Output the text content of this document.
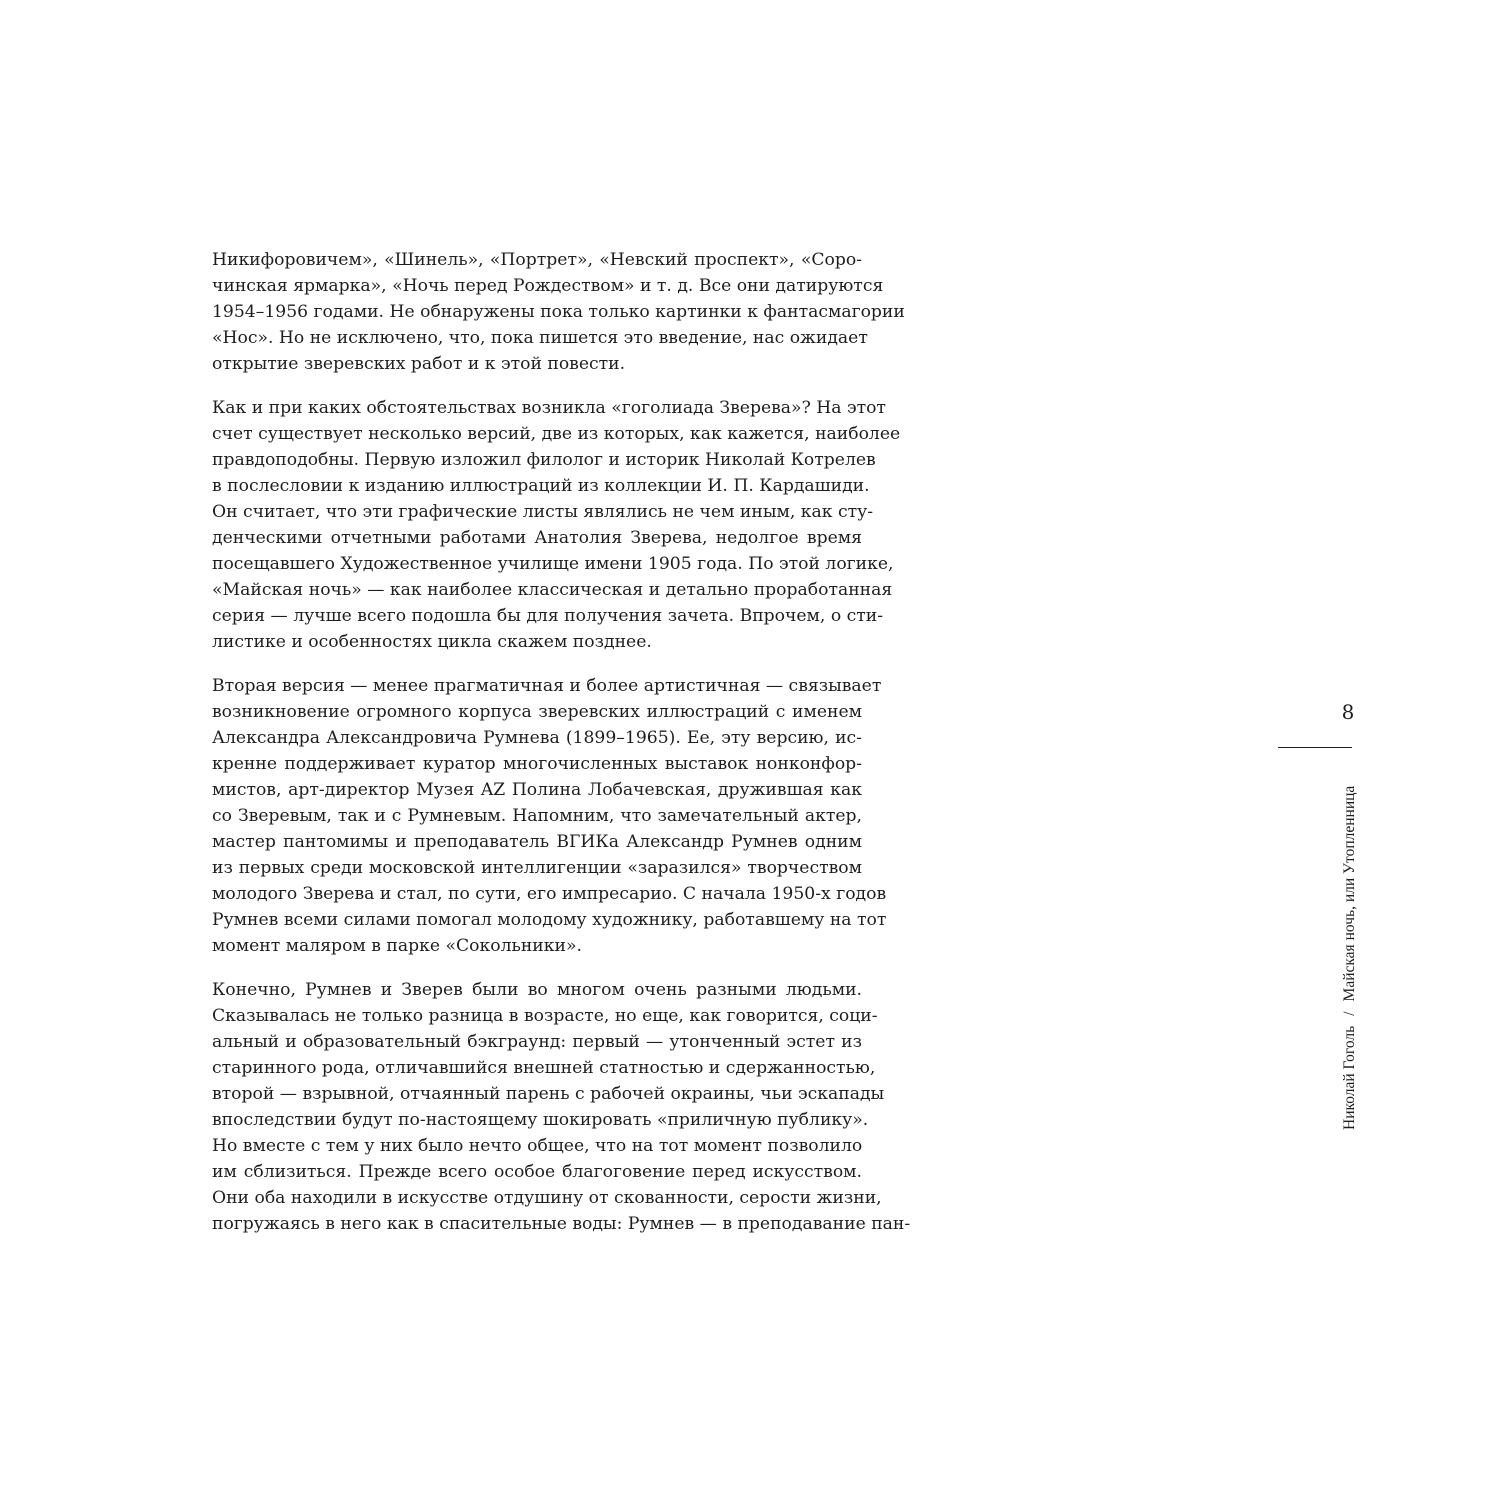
Никифоровичем», «Шинель», «Портрет», «Невский проспект», «Соро-
чинская ярмарка», «Ночь перед Рождеством» и т. д. Все они датируются
1954–1956 годами. Не обнаружены пока только картинки к фантасмагории
«Нос». Но не исключено, что, пока пишется это введение, нас ожидает
открытие зверевских работ и к этой повести.
Как и при каких обстоятельствах возникла «гоголиада Зверева»? На этот
счет существует несколько версий, две из которых, как кажется, наиболее
правдоподобны. Первую изложил филолог и историк Николай Котрелев
в послесловии к изданию иллюстраций из коллекции И. П. Кардашиди.
Он считает, что эти графические листы являлись не чем иным, как сту-
денческими отчетными работами Анатолия Зверева, недолгое время
посещавшего Художественное училище имени 1905 года. По этой логике,
«Майская ночь» — как наиболее классическая и детально проработанная
серия — лучше всего подошла бы для получения зачета. Впрочем, о сти-
листике и особенностях цикла скажем позднее.
Вторая версия — менее прагматичная и более артистичная — связывает
возникновение огромного корпуса зверевских иллюстраций с именем
Александра Александровича Румнева (1899–1965). Ее, эту версию, ис-
кренне поддерживает куратор многочисленных выставок нонконфор-
мистов, арт-директор Музея AZ Полина Лобачевская, дружившая как
со Зверевым, так и с Румневым. Напомним, что замечательный актер,
мастер пантомимы и преподаватель ВГИКа Александр Румнев одним
из первых среди московской интеллигенции «заразился» творчеством
молодого Зверева и стал, по сути, его импресарио. С начала 1950-х годов
Румнев всеми силами помогал молодому художнику, работавшему на тот
момент маляром в парке «Сокольники».
Конечно, Румнев и Зверев были во многом очень разными людьми.
Сказывалась не только разница в возрасте, но еще, как говорится, соци-
альный и образовательный бэкграунд: первый — утонченный эстет из
старинного рода, отличавшийся внешней статностью и сдержанностью,
второй — взрывной, отчаянный парень с рабочей окраины, чьи эскапады
впоследствии будут по-настоящему шокировать «приличную публику».
Но вместе с тем у них было нечто общее, что на тот момент позволило
им сблизиться. Прежде всего особое благоговение перед искусством.
Они оба находили в искусстве отдушину от скованности, серости жизни,
погружаясь в него как в спасительные воды: Румнев — в преподавание пан-
8
Николай Гоголь/Майская ночь, или Утопленница
